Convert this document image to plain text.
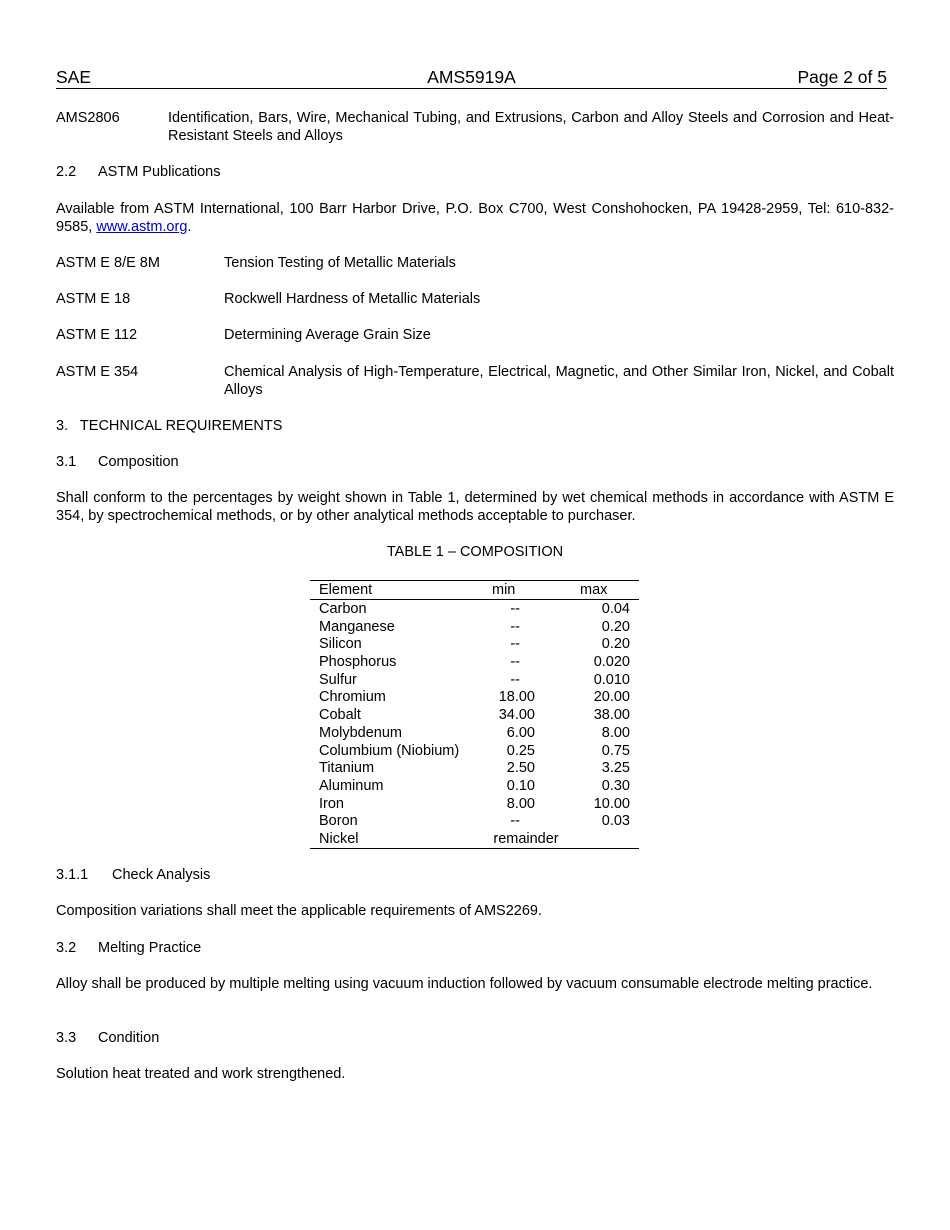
SAE	AMS5919A	Page 2 of 5
AMS2806	Identification, Bars, Wire, Mechanical Tubing, and Extrusions, Carbon and Alloy Steels and Corrosion and Heat-Resistant Steels and Alloys
2.2 ASTM Publications
Available from ASTM International, 100 Barr Harbor Drive, P.O. Box C700, West Conshohocken, PA 19428-2959, Tel: 610-832-9585, www.astm.org.
ASTM E 8/E 8M	Tension Testing of Metallic Materials
ASTM E 18	Rockwell Hardness of Metallic Materials
ASTM E 112	Determining Average Grain Size
ASTM E 354	Chemical Analysis of High-Temperature, Electrical, Magnetic, and Other Similar Iron, Nickel, and Cobalt Alloys
3.   TECHNICAL REQUIREMENTS
3.1 Composition
Shall conform to the percentages by weight shown in Table 1, determined by wet chemical methods in accordance with ASTM E 354, by spectrochemical methods, or by other analytical methods acceptable to purchaser.
TABLE 1 – COMPOSITION
Element	min	max
Carbon	--	0.04
Manganese	--	0.20
Silicon	--	0.20
Phosphorus	--	0.020
Sulfur	--	0.010
Chromium	18.00	20.00
Cobalt	34.00	38.00
Molybdenum	6.00	8.00
Columbium (Niobium)	0.25	0.75
Titanium	2.50	3.25
Aluminum	0.10	0.30
Iron	8.00	10.00
Boron	--	0.03
Nickel	remainder
3.1.1 Check Analysis
Composition variations shall meet the applicable requirements of AMS2269.
3.2 Melting Practice
Alloy shall be produced by multiple melting using vacuum induction followed by vacuum consumable electrode melting practice.
3.3 Condition
Solution heat treated and work strengthened.
